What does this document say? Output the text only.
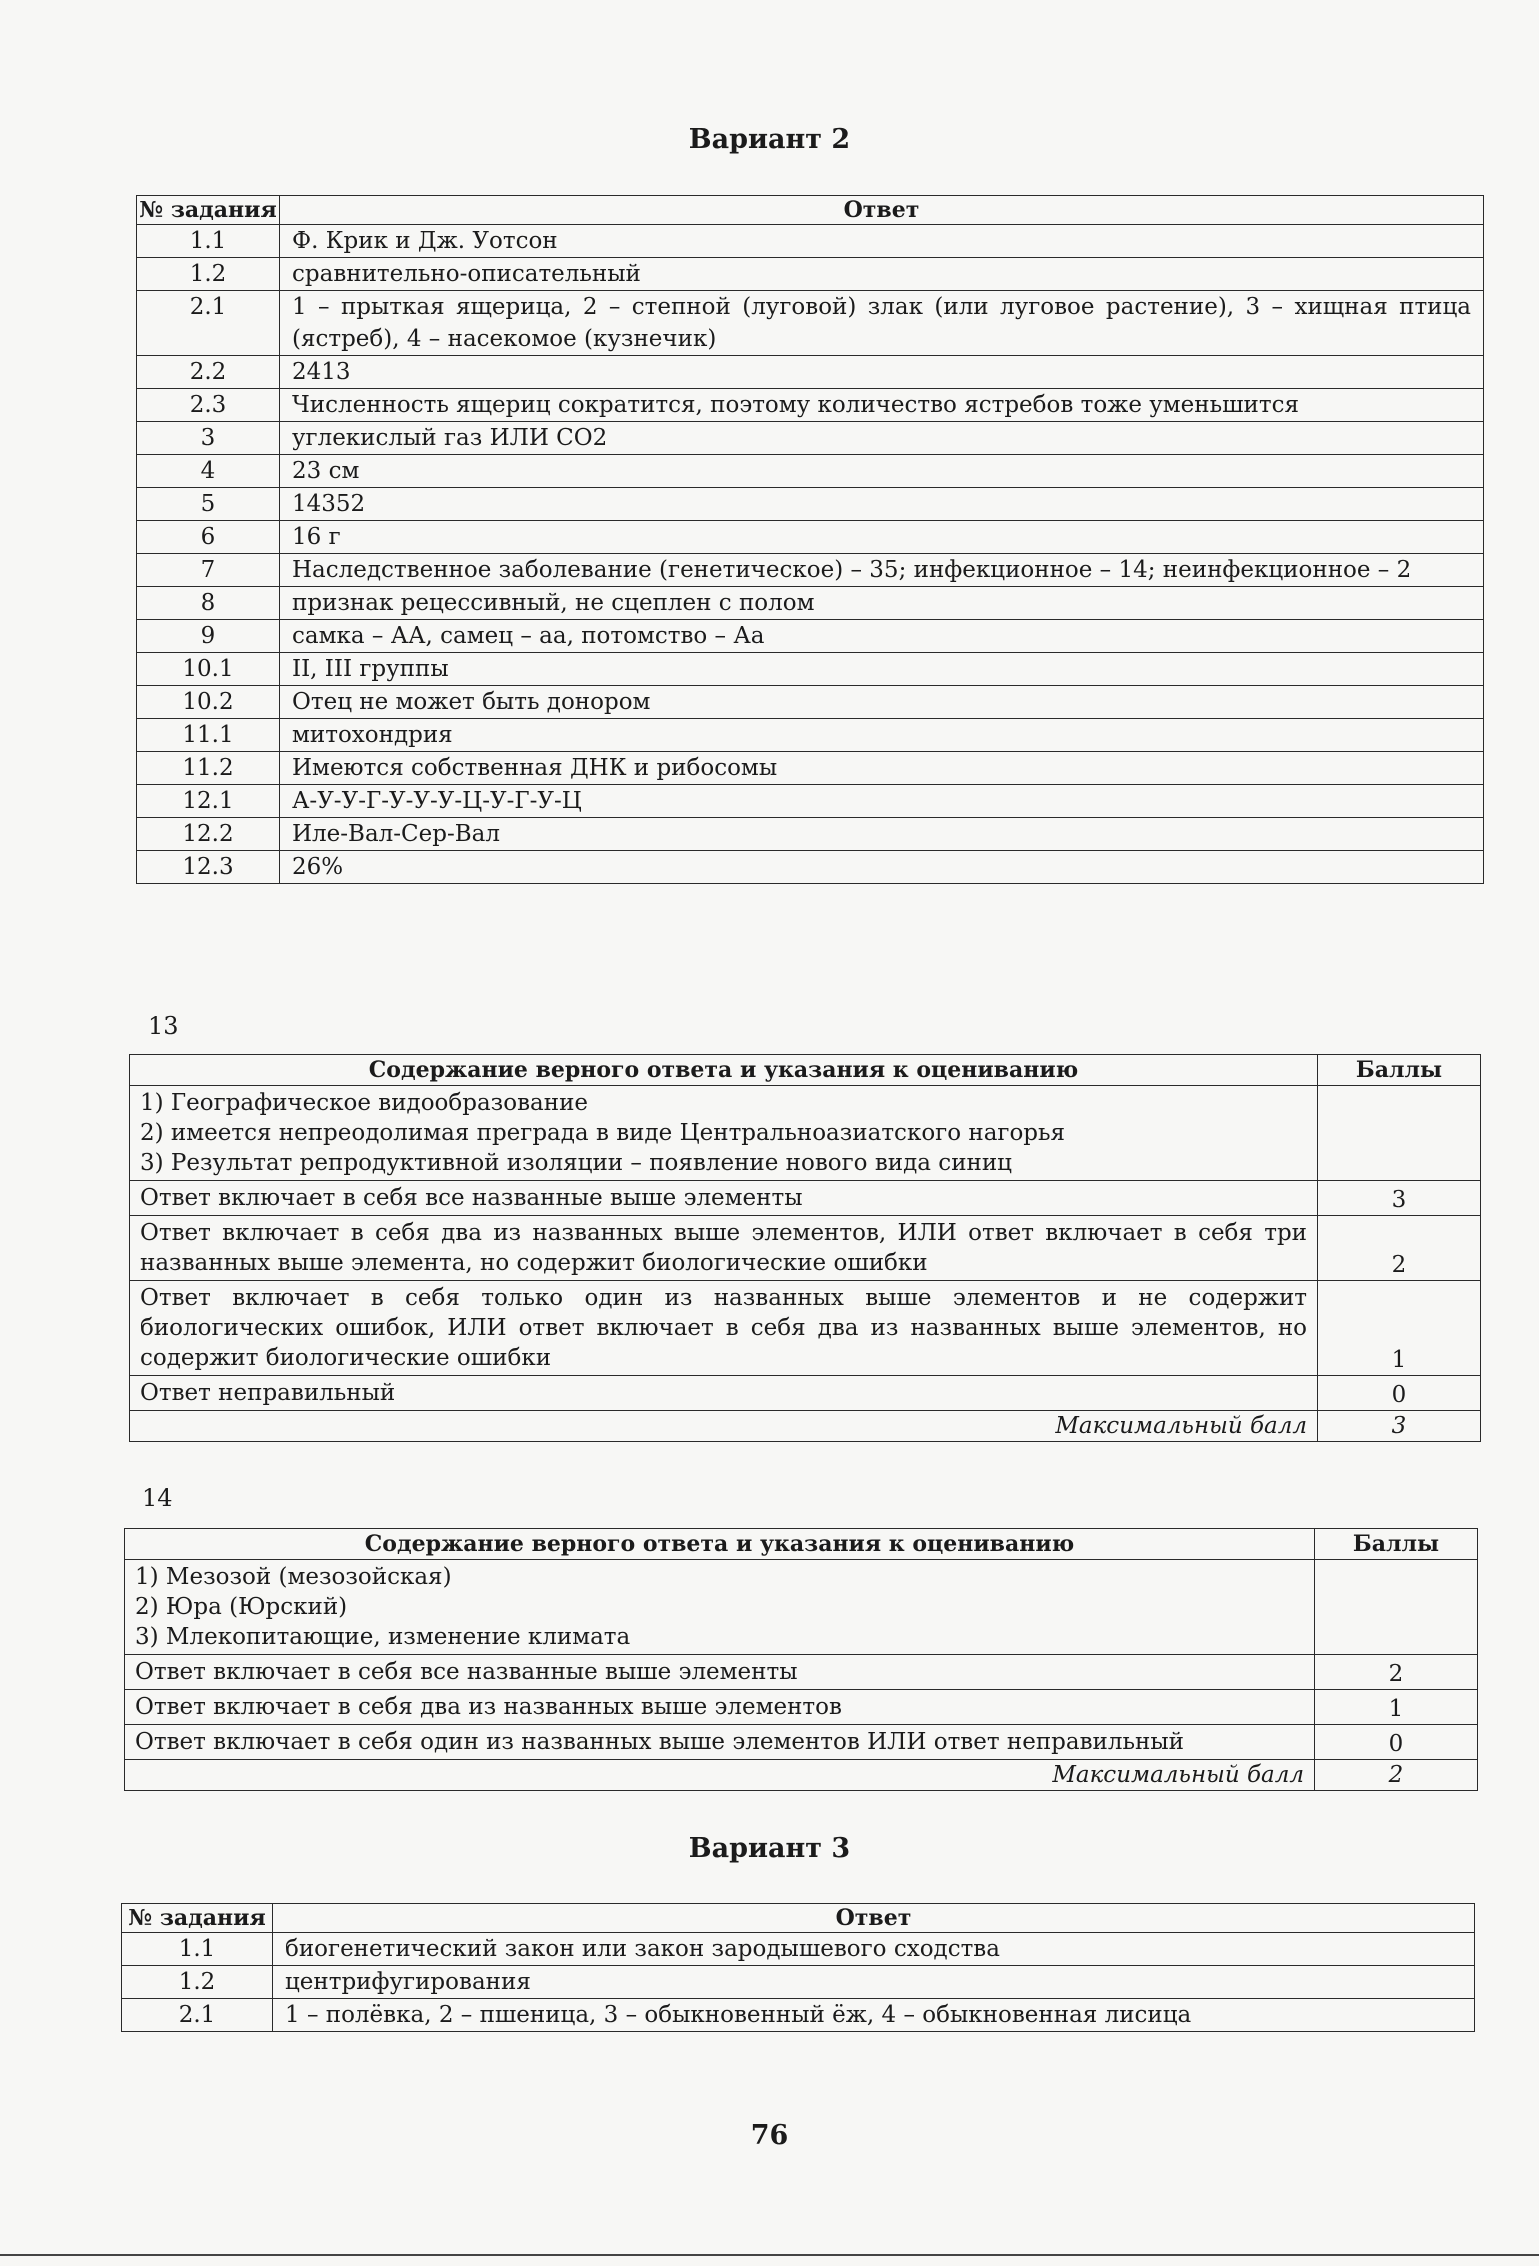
Вариант 2
№ задания	Ответ
1.1	Ф. Крик и Дж. Уотсон
1.2	сравнительно-описательный
2.1	1 – прыткая ящерица, 2 – степной (луговой) злак (или луговое растение), 3 – хищная птица (ястреб), 4 – насекомое (кузнечик)
2.2	2413
2.3	Численность ящериц сократится, поэтому количество ястребов тоже уменьшится
3	углекислый газ ИЛИ СО2
4	23 см
5	14352
6	16 г
7	Наследственное заболевание (генетическое) – 35; инфекционное – 14; неинфекционное – 2
8	признак рецессивный, не сцеплен с полом
9	самка – АА, самец – аа, потомство – Аа
10.1	II, III группы
10.2	Отец не может быть донором
11.1	митохондрия
11.2	Имеются собственная ДНК и рибосомы
12.1	А-У-У-Г-У-У-У-Ц-У-Г-У-Ц
12.2	Иле-Вал-Сер-Вал
12.3	26%
13
Содержание верного ответа и указания к оцениванию	Баллы

1) Географическое видообразование
2) имеется непреодолимая преграда в виде Центральноазиатского нагорья
3) Результат репродуктивной изоляции – появление нового вида синиц	

Ответ включает в себя все названные выше элементы	3
Ответ включает в себя два из названных выше элементов, ИЛИ ответ включает в себя три названных выше элемента, но содержит биологические ошибки	2
Ответ включает в себя только один из названных выше элементов и не содержит биологических ошибок, ИЛИ ответ включает в себя два из названных выше элементов, но содержит биологические ошибки	1
Ответ неправильный	0
Максимальный балл	3
14
Содержание верного ответа и указания к оцениванию	Баллы

1) Мезозой (мезозойская)
2) Юра (Юрский)
3) Млекопитающие, изменение климата	

Ответ включает в себя все названные выше элементы	2
Ответ включает в себя два из названных выше элементов	1
Ответ включает в себя один из названных выше элементов ИЛИ ответ неправильный	0
Максимальный балл	2
Вариант 3
№ задания	Ответ
1.1	биогенетический закон или закон зародышевого сходства
1.2	центрифугирования
2.1	1 – полёвка, 2 – пшеница, 3 – обыкновенный ёж, 4 – обыкновенная лисица
76
